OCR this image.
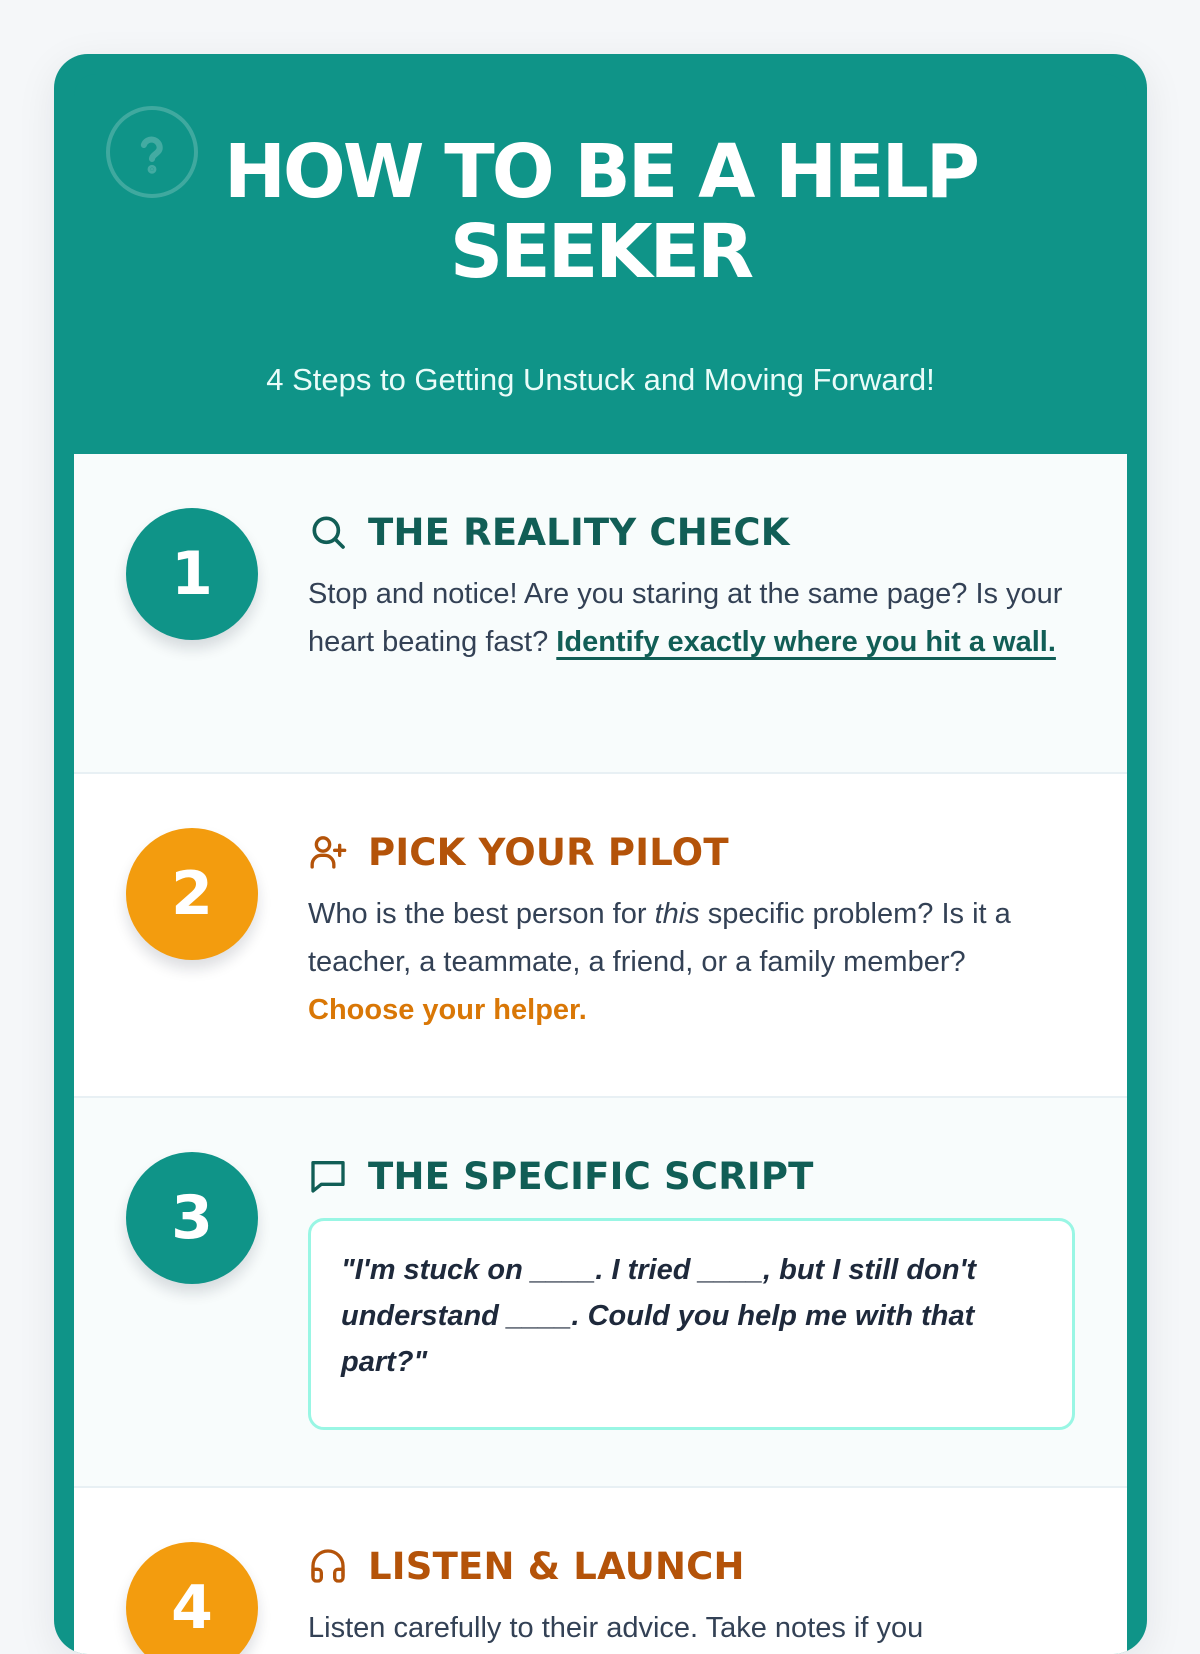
HOW TO BE A HELP SEEKER

4 Steps to Getting Unstuck and Moving Forward!

1
THE REALITY CHECK

Stop and notice! Are you staring at the same page? Is your heart beating fast? Identify exactly where you hit a wall.

2
PICK YOUR PILOT

Who is the best person for this specific problem? Is it a teacher, a teammate, a friend, or a family member? Choose your helper.

3
THE SPECIFIC SCRIPT

"I'm stuck on ____. I tried ____, but I still don't understand ____. Could you help me with that part?"

4
LISTEN & LAUNCH

Listen carefully to their advice. Take notes if you
